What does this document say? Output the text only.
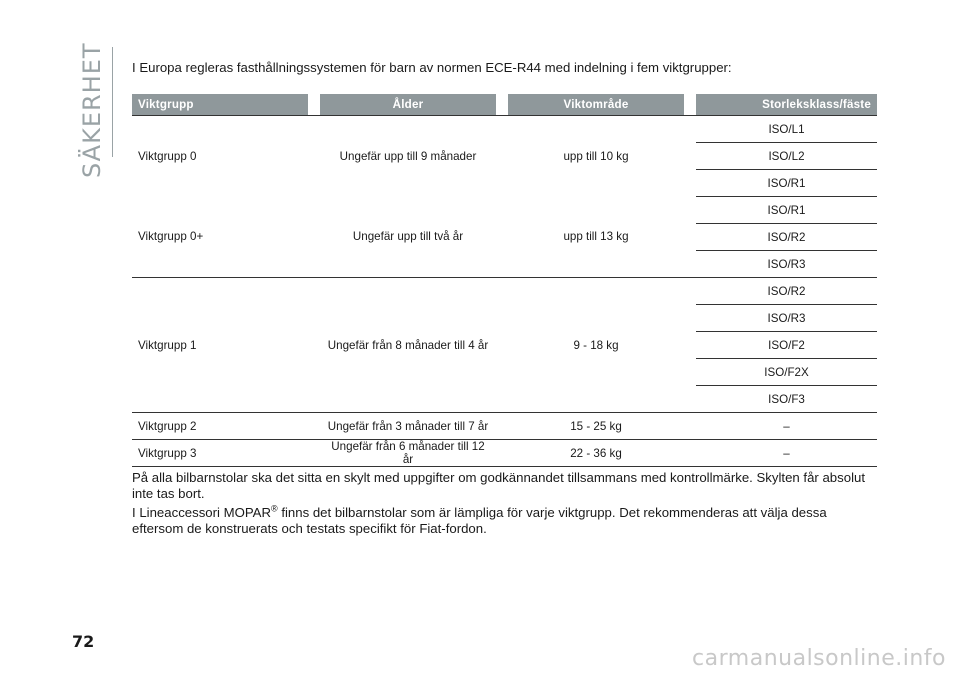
SÄKERHET I Europa regleras fasthållningssystemen för barn av normen ECE-R44 med indelning i fem viktgrupper:
Viktgrupp		Ålder		Viktområde		Storleksklass/fäste
Viktgrupp 0		Ungefär upp till 9 månader		upp till 10 kg		ISO/L1
						ISO/L2
						ISO/R1
Viktgrupp 0+		Ungefär upp till två år		upp till 13 kg		ISO/R1
						ISO/R2
						ISO/R3
Viktgrupp 1		Ungefär från 8 månader till 4 år		9 - 18 kg		ISO/R2
						ISO/R3
						ISO/F2
						ISO/F2X
						ISO/F3
Viktgrupp 2		Ungefär från 3 månader till 7 år		15 - 25 kg		–
Viktgrupp 3		Ungefär från 6 månader till 12 år		22 - 36 kg		–
På alla bilbarnstolar ska det sitta en skylt med uppgifter om godkännandet tillsammans med kontrollmärke. Skylten får absolut inte tas bort.
I Lineaccessori MOPAR® finns det bilbarnstolar som är lämpliga för varje viktgrupp. Det rekommenderas att välja dessa eftersom de konstruerats och testats specifikt för Fiat-fordon.
72
carmanualsonline.info
